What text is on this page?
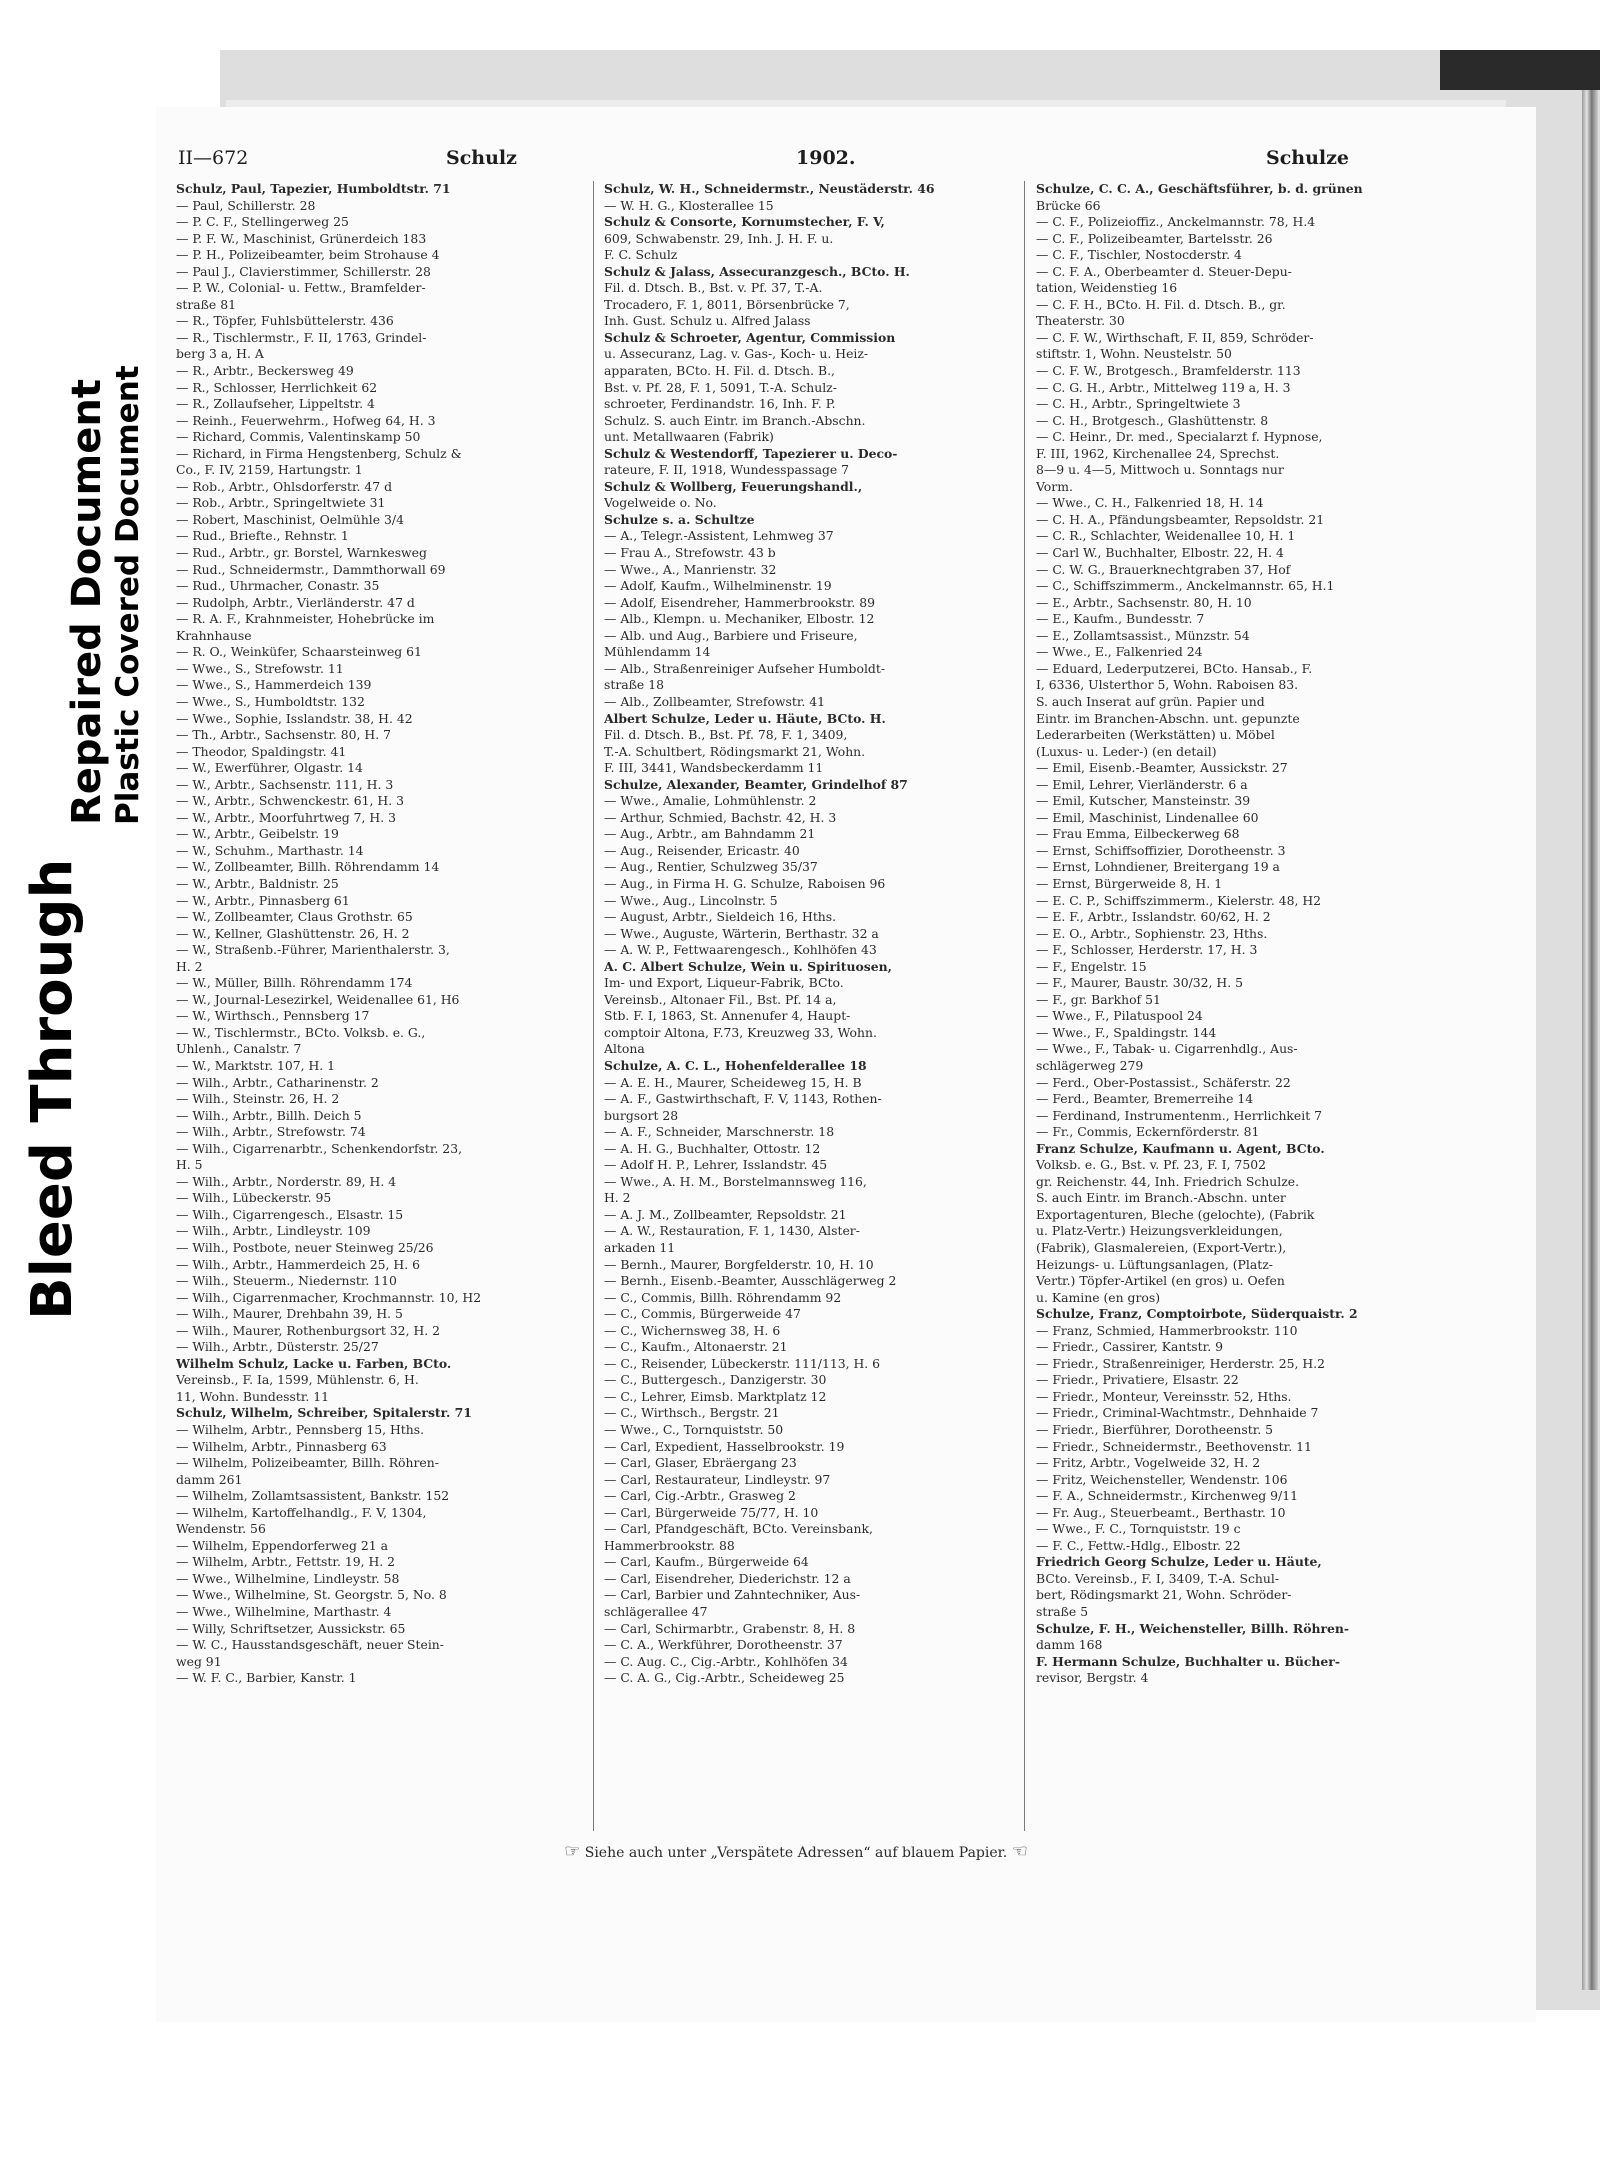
Bleed Through
Repaired Document Plastic Covered Document
II—672	Schulz	1902.	Schulze
Schulz, Paul, Tapezier, Humboldtstr. 71
— Paul, Schillerstr. 28
— P. C. F., Stellingerweg 25
— P. F. W., Maschinist, Grünerdeich 183
— P. H., Polizeibeamter, beim Strohause 4
— Paul J., Clavierstimmer, Schillerstr. 28
— P. W., Colonial- u. Fettw., Bramfelder-
straße 81
— R., Töpfer, Fuhlsbüttelerstr. 436
— R., Tischlermstr., F. II, 1763, Grindel-
berg 3 a, H. A
— R., Arbtr., Beckersweg 49
— R., Schlosser, Herrlichkeit 62
— R., Zollaufseher, Lippeltstr. 4
— Reinh., Feuerwehrm., Hofweg 64, H. 3
— Richard, Commis, Valentinskamp 50
— Richard, in Firma Hengstenberg, Schulz &
Co., F. IV, 2159, Hartungstr. 1
— Rob., Arbtr., Ohlsdorferstr. 47 d
— Rob., Arbtr., Springeltwiete 31
— Robert, Maschinist, Oelmühle 3/4
— Rud., Briefte., Rehnstr. 1
— Rud., Arbtr., gr. Borstel, Warnkesweg
— Rud., Schneidermstr., Dammthorwall 69
— Rud., Uhrmacher, Conastr. 35
— Rudolph, Arbtr., Vierländerstr. 47 d
— R. A. F., Krahnmeister, Hohebrücke im
Krahnhause
— R. O., Weinküfer, Schaarsteinweg 61
— Wwe., S., Strefowstr. 11
— Wwe., S., Hammerdeich 139
— Wwe., S., Humboldtstr. 132
— Wwe., Sophie, Isslandstr. 38, H. 42
— Th., Arbtr., Sachsenstr. 80, H. 7
— Theodor, Spaldingstr. 41
— W., Ewerführer, Olgastr. 14
— W., Arbtr., Sachsenstr. 111, H. 3
— W., Arbtr., Schwenckestr. 61, H. 3
— W., Arbtr., Moorfuhrtweg 7, H. 3
— W., Arbtr., Geibelstr. 19
— W., Schuhm., Marthastr. 14
— W., Zollbeamter, Billh. Röhrendamm 14
— W., Arbtr., Baldnistr. 25
— W., Arbtr., Pinnasberg 61
— W., Zollbeamter, Claus Grothstr. 65
— W., Kellner, Glashüttenstr. 26, H. 2
— W., Straßenb.-Führer, Marienthalerstr. 3,
H. 2
— W., Müller, Billh. Röhrendamm 174
— W., Journal-Lesezirkel, Weidenallee 61, H6
— W., Wirthsch., Pennsberg 17
— W., Tischlermstr., BCto. Volksb. e. G.,
Uhlenh., Canalstr. 7
— W., Marktstr. 107, H. 1
— Wilh., Arbtr., Catharinenstr. 2
— Wilh., Steinstr. 26, H. 2
— Wilh., Arbtr., Billh. Deich 5
— Wilh., Arbtr., Strefowstr. 74
— Wilh., Cigarrenarbtr., Schenkendorfstr. 23,
H. 5
— Wilh., Arbtr., Norderstr. 89, H. 4
— Wilh., Lübeckerstr. 95
— Wilh., Cigarrengesch., Elsastr. 15
— Wilh., Arbtr., Lindleystr. 109
— Wilh., Postbote, neuer Steinweg 25/26
— Wilh., Arbtr., Hammerdeich 25, H. 6
— Wilh., Steuerm., Niedernstr. 110
— Wilh., Cigarrenmacher, Krochmannstr. 10, H2
— Wilh., Maurer, Drehbahn 39, H. 5
— Wilh., Maurer, Rothenburgsort 32, H. 2
— Wilh., Arbtr., Düsterstr. 25/27
Wilhelm Schulz, Lacke u. Farben, BCto.
Vereinsb., F. Ia, 1599, Mühlenstr. 6, H.
11, Wohn. Bundesstr. 11
Schulz, Wilhelm, Schreiber, Spitalerstr. 71
— Wilhelm, Arbtr., Pennsberg 15, Hths.
— Wilhelm, Arbtr., Pinnasberg 63
— Wilhelm, Polizeibeamter, Billh. Röhren-
damm 261
— Wilhelm, Zollamtsassistent, Bankstr. 152
— Wilhelm, Kartoffelhandlg., F. V, 1304,
Wendenstr. 56
— Wilhelm, Eppendorferweg 21 a
— Wilhelm, Arbtr., Fettstr. 19, H. 2
— Wwe., Wilhelmine, Lindleystr. 58
— Wwe., Wilhelmine, St. Georgstr. 5, No. 8
— Wwe., Wilhelmine, Marthastr. 4
— Willy, Schriftsetzer, Aussickstr. 65
— W. C., Hausstandsgeschäft, neuer Stein-
weg 91
— W. F. C., Barbier, Kanstr. 1
Schulz, W. H., Schneidermstr., Neustäderstr. 46
— W. H. G., Klosterallee 15
Schulz & Consorte, Kornumstecher, F. V,
609, Schwabenstr. 29, Inh. J. H. F. u.
F. C. Schulz
Schulz & Jalass, Assecuranzgesch., BCto. H.
Fil. d. Dtsch. B., Bst. v. Pf. 37, T.-A.
Trocadero, F. 1, 8011, Börsenbrücke 7,
Inh. Gust. Schulz u. Alfred Jalass
Schulz & Schroeter, Agentur, Commission
u. Assecuranz, Lag. v. Gas-, Koch- u. Heiz-
apparaten, BCto. H. Fil. d. Dtsch. B.,
Bst. v. Pf. 28, F. 1, 5091, T.-A. Schulz-
schroeter, Ferdinandstr. 16, Inh. F. P.
Schulz. S. auch Eintr. im Branch.-Abschn.
unt. Metallwaaren (Fabrik)
Schulz & Westendorff, Tapezierer u. Deco-
rateure, F. II, 1918, Wundesspassage 7
Schulz & Wollberg, Feuerungshandl.,
Vogelweide o. No.
Schulze s. a. Schultze
— A., Telegr.-Assistent, Lehmweg 37
— Frau A., Strefowstr. 43 b
— Wwe., A., Manrienstr. 32
— Adolf, Kaufm., Wilhelminenstr. 19
— Adolf, Eisendreher, Hammerbrookstr. 89
— Alb., Klempn. u. Mechaniker, Elbostr. 12
— Alb. und Aug., Barbiere und Friseure,
Mühlendamm 14
— Alb., Straßenreiniger Aufseher Humboldt-
straße 18
— Alb., Zollbeamter, Strefowstr. 41
Albert Schulze, Leder u. Häute, BCto. H.
Fil. d. Dtsch. B., Bst. Pf. 78, F. 1, 3409,
T.-A. Schultbert, Rödingsmarkt 21, Wohn.
F. III, 3441, Wandsbeckerdamm 11
Schulze, Alexander, Beamter, Grindelhof 87
— Wwe., Amalie, Lohmühlenstr. 2
— Arthur, Schmied, Bachstr. 42, H. 3
— Aug., Arbtr., am Bahndamm 21
— Aug., Reisender, Ericastr. 40
— Aug., Rentier, Schulzweg 35/37
— Aug., in Firma H. G. Schulze, Raboisen 96
— Wwe., Aug., Lincolnstr. 5
— August, Arbtr., Sieldeich 16, Hths.
— Wwe., Auguste, Wärterin, Berthastr. 32 a
— A. W. P., Fettwaarengesch., Kohlhöfen 43
A. C. Albert Schulze, Wein u. Spirituosen,
Im- und Export, Liqueur-Fabrik, BCto.
Vereinsb., Altonaer Fil., Bst. Pf. 14 a,
Stb. F. I, 1863, St. Annenufer 4, Haupt-
comptoir Altona, F.73, Kreuzweg 33, Wohn.
Altona
Schulze, A. C. L., Hohenfelderallee 18
— A. E. H., Maurer, Scheideweg 15, H. B
— A. F., Gastwirthschaft, F. V, 1143, Rothen-
burgsort 28
— A. F., Schneider, Marschnerstr. 18
— A. H. G., Buchhalter, Ottostr. 12
— Adolf H. P., Lehrer, Isslandstr. 45
— Wwe., A. H. M., Borstelmannsweg 116,
H. 2
— A. J. M., Zollbeamter, Repsoldstr. 21
— A. W., Restauration, F. 1, 1430, Alster-
arkaden 11
— Bernh., Maurer, Borgfelderstr. 10, H. 10
— Bernh., Eisenb.-Beamter, Ausschlägerweg 2
— C., Commis, Billh. Röhrendamm 92
— C., Commis, Bürgerweide 47
— C., Wichernsweg 38, H. 6
— C., Kaufm., Altonaerstr. 21
— C., Reisender, Lübeckerstr. 111/113, H. 6
— C., Buttergesch., Danzigerstr. 30
— C., Lehrer, Eimsb. Marktplatz 12
— C., Wirthsch., Bergstr. 21
— Wwe., C., Tornquiststr. 50
— Carl, Expedient, Hasselbrookstr. 19
— Carl, Glaser, Ebräergang 23
— Carl, Restaurateur, Lindleystr. 97
— Carl, Cig.-Arbtr., Grasweg 2
— Carl, Bürgerweide 75/77, H. 10
— Carl, Pfandgeschäft, BCto. Vereinsbank,
Hammerbrookstr. 88
— Carl, Kaufm., Bürgerweide 64
— Carl, Eisendreher, Diederichstr. 12 a
— Carl, Barbier und Zahntechniker, Aus-
schlägerallee 47
— Carl, Schirmarbtr., Grabenstr. 8, H. 8
— C. A., Werkführer, Dorotheenstr. 37
— C. Aug. C., Cig.-Arbtr., Kohlhöfen 34
— C. A. G., Cig.-Arbtr., Scheideweg 25
Schulze, C. C. A., Geschäftsführer, b. d. grünen
Brücke 66
— C. F., Polizeioffiz., Anckelmannstr. 78, H.4
— C. F., Polizeibeamter, Bartelsstr. 26
— C. F., Tischler, Nostocderstr. 4
— C. F. A., Oberbeamter d. Steuer-Depu-
tation, Weidenstieg 16
— C. F. H., BCto. H. Fil. d. Dtsch. B., gr.
Theaterstr. 30
— C. F. W., Wirthschaft, F. II, 859, Schröder-
stiftstr. 1, Wohn. Neustelstr. 50
— C. F. W., Brotgesch., Bramfelderstr. 113
— C. G. H., Arbtr., Mittelweg 119 a, H. 3
— C. H., Arbtr., Springeltwiete 3
— C. H., Brotgesch., Glashüttenstr. 8
— C. Heinr., Dr. med., Specialarzt f. Hypnose,
F. III, 1962, Kirchenallee 24, Sprechst.
8—9 u. 4—5, Mittwoch u. Sonntags nur
Vorm.
— Wwe., C. H., Falkenried 18, H. 14
— C. H. A., Pfändungsbeamter, Repsoldstr. 21
— C. R., Schlachter, Weidenallee 10, H. 1
— Carl W., Buchhalter, Elbostr. 22, H. 4
— C. W. G., Brauerknechtgraben 37, Hof
— C., Schiffszimmerm., Anckelmannstr. 65, H.1
— E., Arbtr., Sachsenstr. 80, H. 10
— E., Kaufm., Bundesstr. 7
— E., Zollamtsassist., Münzstr. 54
— Wwe., E., Falkenried 24
— Eduard, Lederputzerei, BCto. Hansab., F.
I, 6336, Ulsterthor 5, Wohn. Raboisen 83.
S. auch Inserat auf grün. Papier und
Eintr. im Branchen-Abschn. unt. gepunzte
Lederarbeiten (Werkstätten) u. Möbel
(Luxus- u. Leder-) (en detail)
— Emil, Eisenb.-Beamter, Aussickstr. 27
— Emil, Lehrer, Vierländerstr. 6 a
— Emil, Kutscher, Mansteinstr. 39
— Emil, Maschinist, Lindenallee 60
— Frau Emma, Eilbeckerweg 68
— Ernst, Schiffsoffizier, Dorotheenstr. 3
— Ernst, Lohndiener, Breitergang 19 a
— Ernst, Bürgerweide 8, H. 1
— E. C. P., Schiffszimmerm., Kielerstr. 48, H2
— E. F., Arbtr., Isslandstr. 60/62, H. 2
— E. O., Arbtr., Sophienstr. 23, Hths.
— F., Schlosser, Herderstr. 17, H. 3
— F., Engelstr. 15
— F., Maurer, Baustr. 30/32, H. 5
— F., gr. Barkhof 51
— Wwe., F., Pilatuspool 24
— Wwe., F., Spaldingstr. 144
— Wwe., F., Tabak- u. Cigarrenhdlg., Aus-
schlägerweg 279
— Ferd., Ober-Postassist., Schäferstr. 22
— Ferd., Beamter, Bremerreihe 14
— Ferdinand, Instrumentenm., Herrlichkeit 7
— Fr., Commis, Eckernförderstr. 81
Franz Schulze, Kaufmann u. Agent, BCto.
Volksb. e. G., Bst. v. Pf. 23, F. I, 7502
gr. Reichenstr. 44, Inh. Friedrich Schulze.
S. auch Eintr. im Branch.-Abschn. unter
Exportagenturen, Bleche (gelochte), (Fabrik
u. Platz-Vertr.) Heizungsverkleidungen,
(Fabrik), Glasmalereien, (Export-Vertr.),
Heizungs- u. Lüftungsanlagen, (Platz-
Vertr.) Töpfer-Artikel (en gros) u. Oefen
u. Kamine (en gros)
Schulze, Franz, Comptoirbote, Süderquaistr. 2
— Franz, Schmied, Hammerbrookstr. 110
— Friedr., Cassirer, Kantstr. 9
— Friedr., Straßenreiniger, Herderstr. 25, H.2
— Friedr., Privatiere, Elsastr. 22
— Friedr., Monteur, Vereinsstr. 52, Hths.
— Friedr., Criminal-Wachtmstr., Dehnhaide 7
— Friedr., Bierführer, Dorotheenstr. 5
— Friedr., Schneidermstr., Beethovenstr. 11
— Fritz, Arbtr., Vogelweide 32, H. 2
— Fritz, Weichensteller, Wendenstr. 106
— F. A., Schneidermstr., Kirchenweg 9/11
— Fr. Aug., Steuerbeamt., Berthastr. 10
— Wwe., F. C., Tornquiststr. 19 c
— F. C., Fettw.-Hdlg., Elbostr. 22
Friedrich Georg Schulze, Leder u. Häute,
BCto. Vereinsb., F. I, 3409, T.-A. Schul-
bert, Rödingsmarkt 21, Wohn. Schröder-
straße 5
Schulze, F. H., Weichensteller, Billh. Röhren-
damm 168
F. Hermann Schulze, Buchhalter u. Bücher-
revisor, Bergstr. 4
☞ Siehe auch unter „Verspätete Adressen“ auf blauem Papier. ☜
